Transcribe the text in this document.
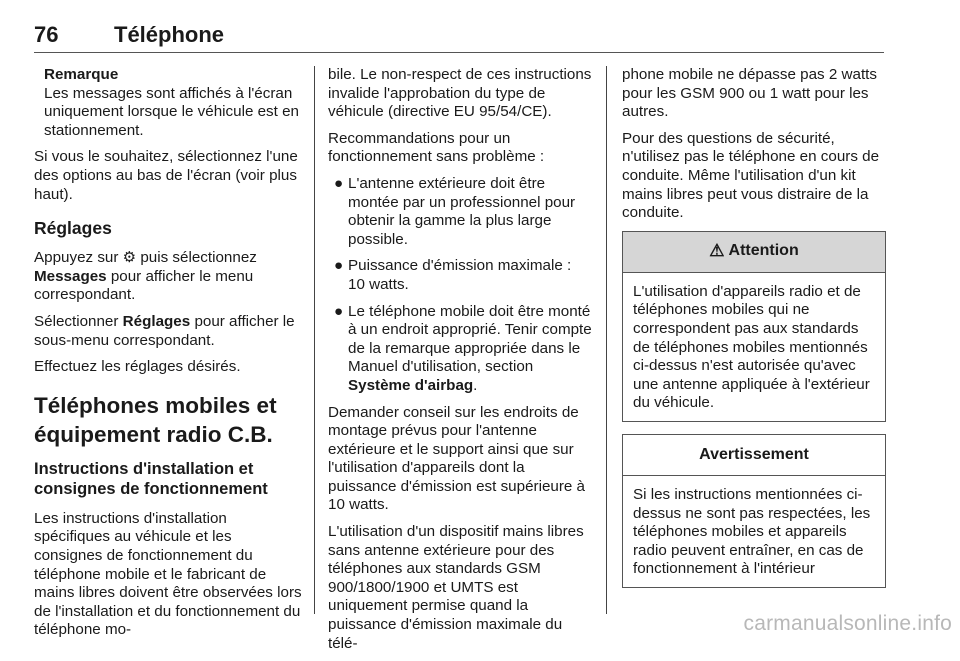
76	Téléphone
Remarque
Les messages sont affichés à l'écran uniquement lorsque le véhicule est en stationnement.

Si vous le souhaitez, sélectionnez l'une des options au bas de l'écran (voir plus haut).

Réglages

Appuyez sur ⚙ puis sélectionnez Messages pour afficher le menu correspondant.

Sélectionner Réglages pour afficher le sous-menu correspondant.

Effectuez les réglages désirés.

Téléphones mobiles et équipement radio C.B.
Instructions d'installation et consignes de fonctionnement

Les instructions d'installation spécifiques au véhicule et les consignes de fonctionnement du téléphone mobile et le fabricant de mains libres doivent être observées lors de l'installation et du fonctionnement du téléphone mo-

bile. Le non-respect de ces instructions invalide l'approbation du type de véhicule (directive EU 95/54/CE).

Recommandations pour un fonctionnement sans problème :

● L'antenne extérieure doit être montée par un professionnel pour obtenir la gamme la plus large possible.
● Puissance d'émission maximale : 10 watts.
● Le téléphone mobile doit être monté à un endroit approprié. Tenir compte de la remarque appropriée dans le Manuel d'utilisation, section Système d'airbag.

Demander conseil sur les endroits de montage prévus pour l'antenne extérieure et le support ainsi que sur l'utilisation d'appareils dont la puissance d'émission est supérieure à 10 watts.

L'utilisation d'un dispositif mains libres sans antenne extérieure pour des téléphones aux standards GSM 900/1800/1900 et UMTS est uniquement permise quand la puissance d'émission maximale du télé-

phone mobile ne dépasse pas 2 watts pour les GSM 900 ou 1 watt pour les autres.

Pour des questions de sécurité, n'utilisez pas le téléphone en cours de conduite. Même l'utilisation d'un kit mains libres peut vous distraire de la conduite.

⚠ Attention
L'utilisation d'appareils radio et de téléphones mobiles qui ne correspondent pas aux standards de téléphones mobiles mentionnés ci-dessus n'est autorisée qu'avec une antenne appliquée à l'extérieur du véhicule.
Avertissement
Si les instructions mentionnées ci-dessus ne sont pas respectées, les téléphones mobiles et appareils radio peuvent entraîner, en cas de fonctionnement à l'intérieur
carmanualsonline.info
